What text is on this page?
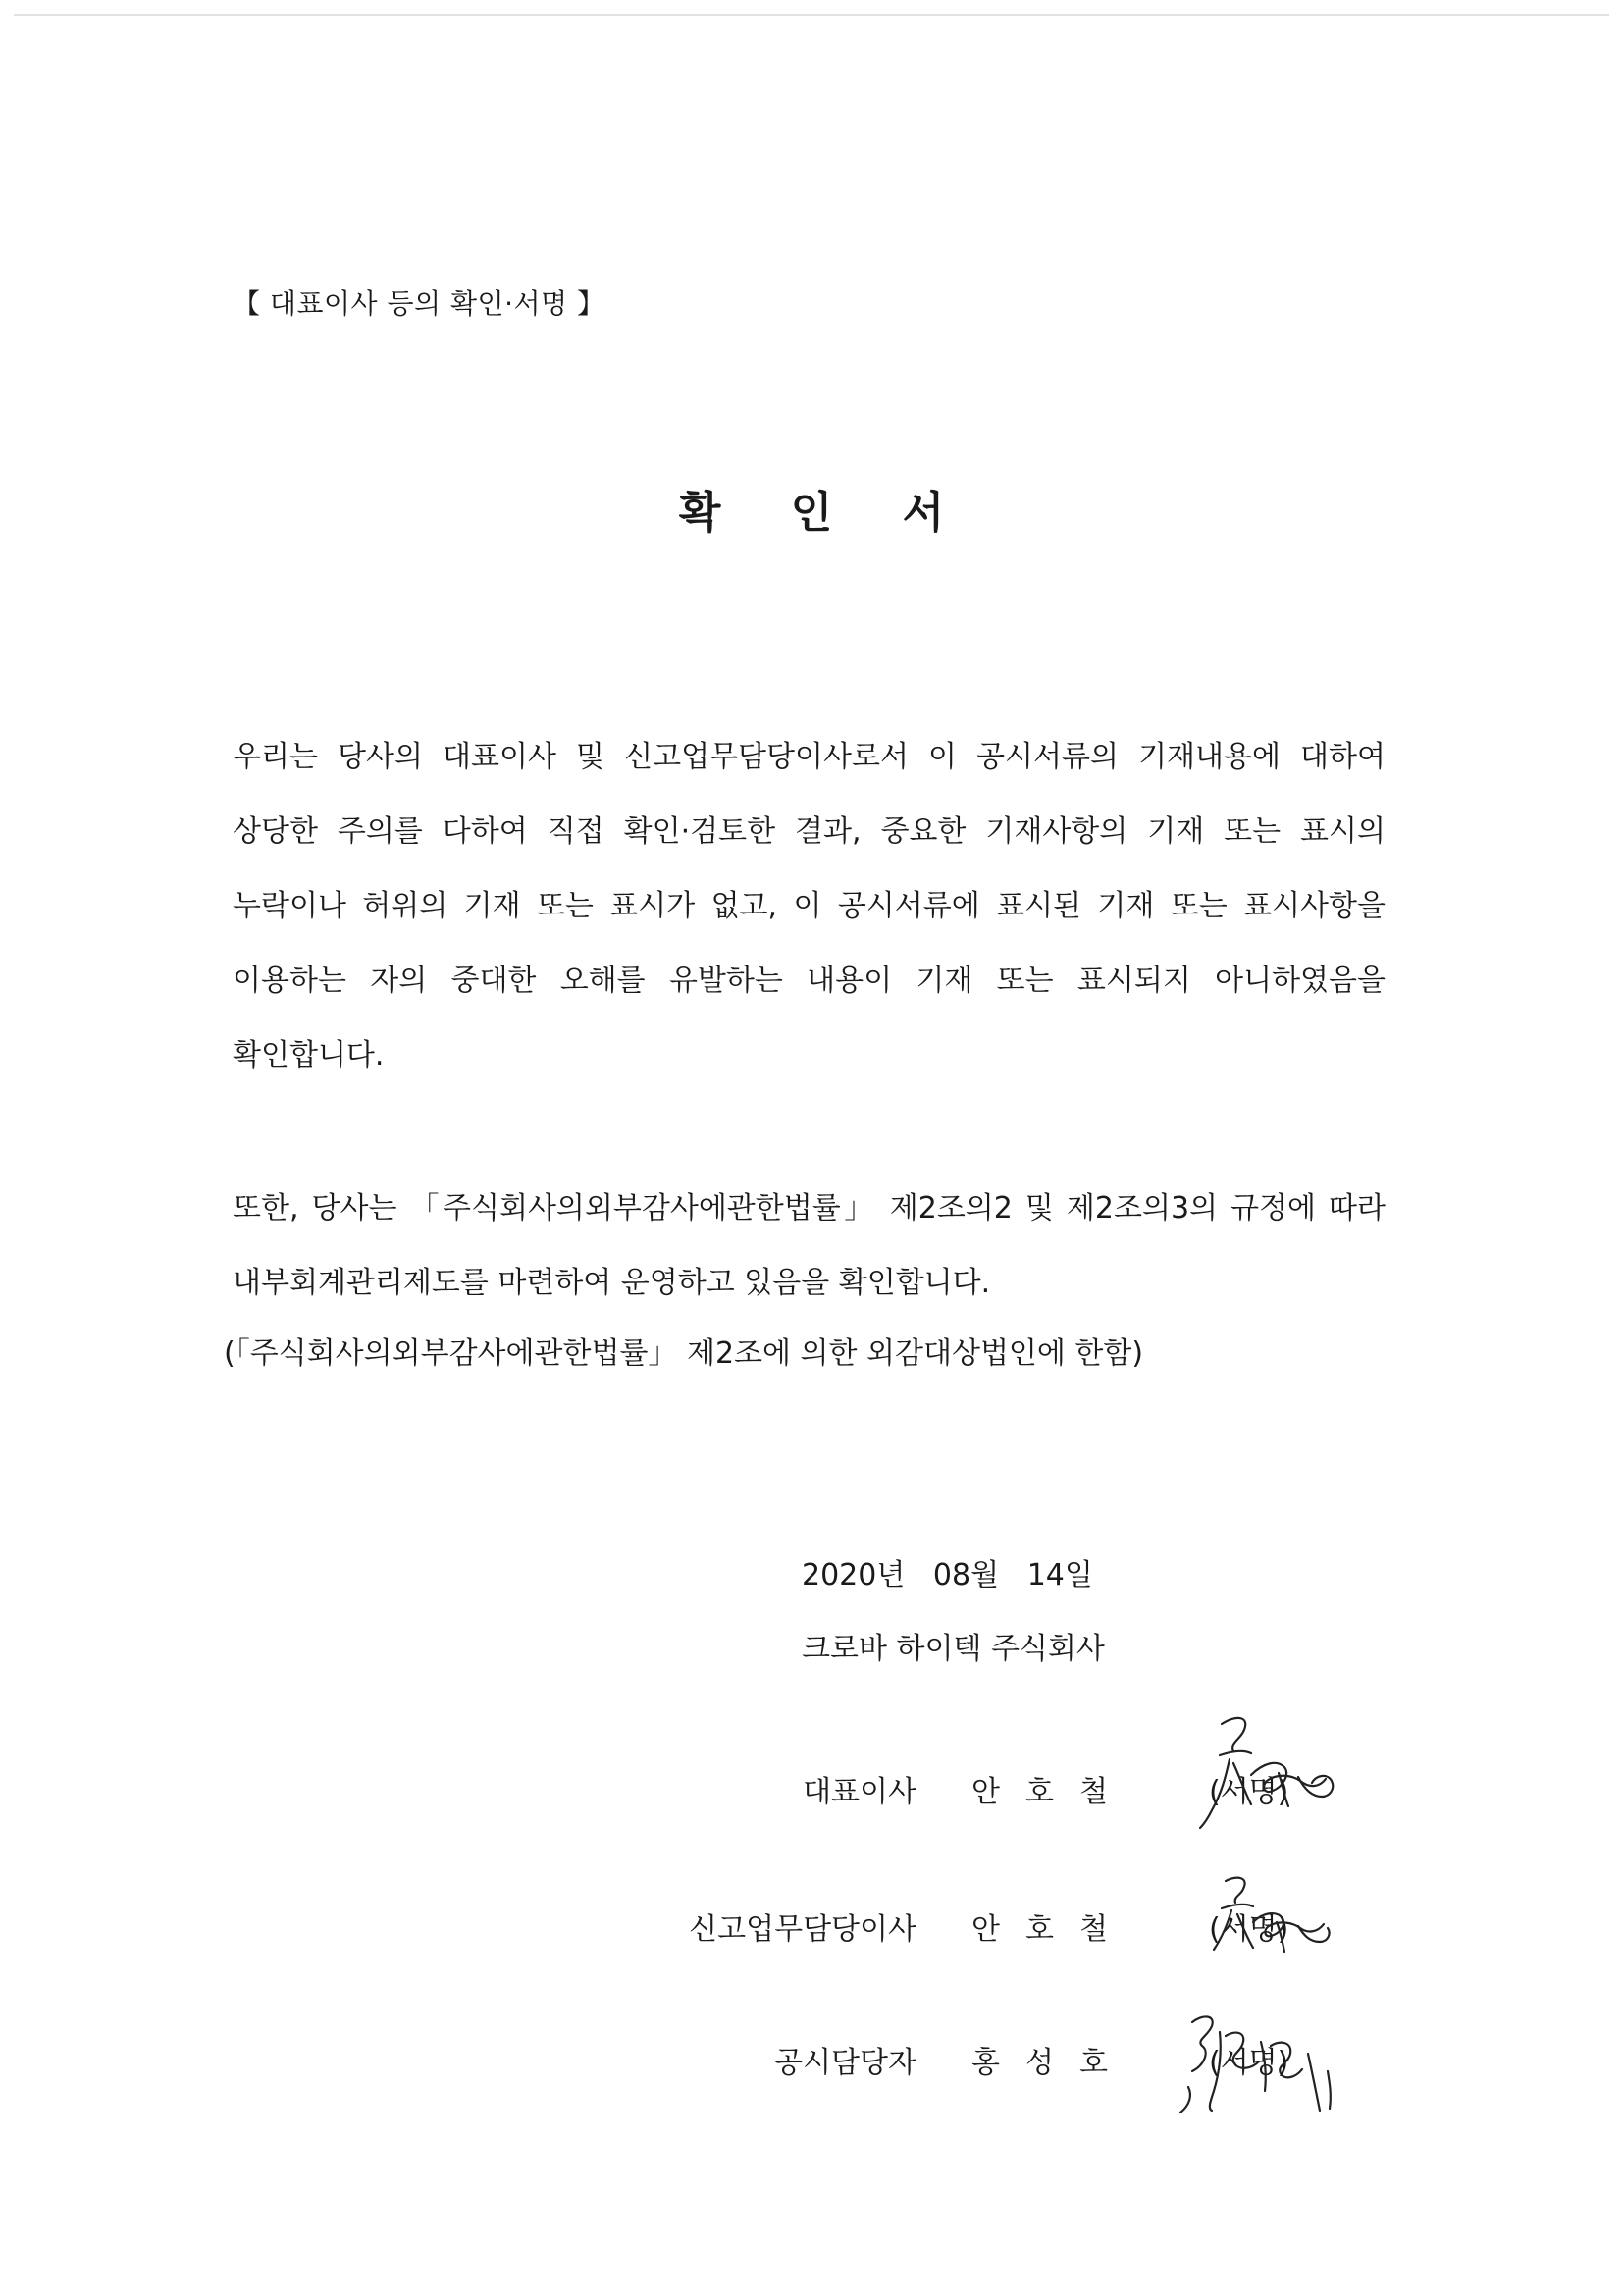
【 대표이사 등의 확인·서명 】
확 인 서

우리는 당사의 대표이사 및 신고업무담당이사로서 이 공시서류의 기재내용에 대하여 상당한 주의를 다하여 직접 확인·검토한 결과, 중요한 기재사항의 기재 또는 표시의 누락이나 허위의 기재 또는 표시가 없고, 이 공시서류에 표시된 기재 또는 표시사항을 이용하는 자의 중대한 오해를 유발하는 내용이 기재 또는 표시되지 아니하였음을 확인합니다.

또한, 당사는 「주식회사의외부감사에관한법률」 제2조의2 및 제2조의3의 규정에 따라 내부회계관리제도를 마련하여 운영하고 있음을 확인합니다.

(「주식회사의외부감사에관한법률」 제2조에 의한 외감대상법인에 한함)

2020년   08월   14일
크로바 하이텍 주식회사
대표이사 안호철	(서명)
신고업무담당이사 안호철	(서명)
공시담당자 홍성호	(서명)
